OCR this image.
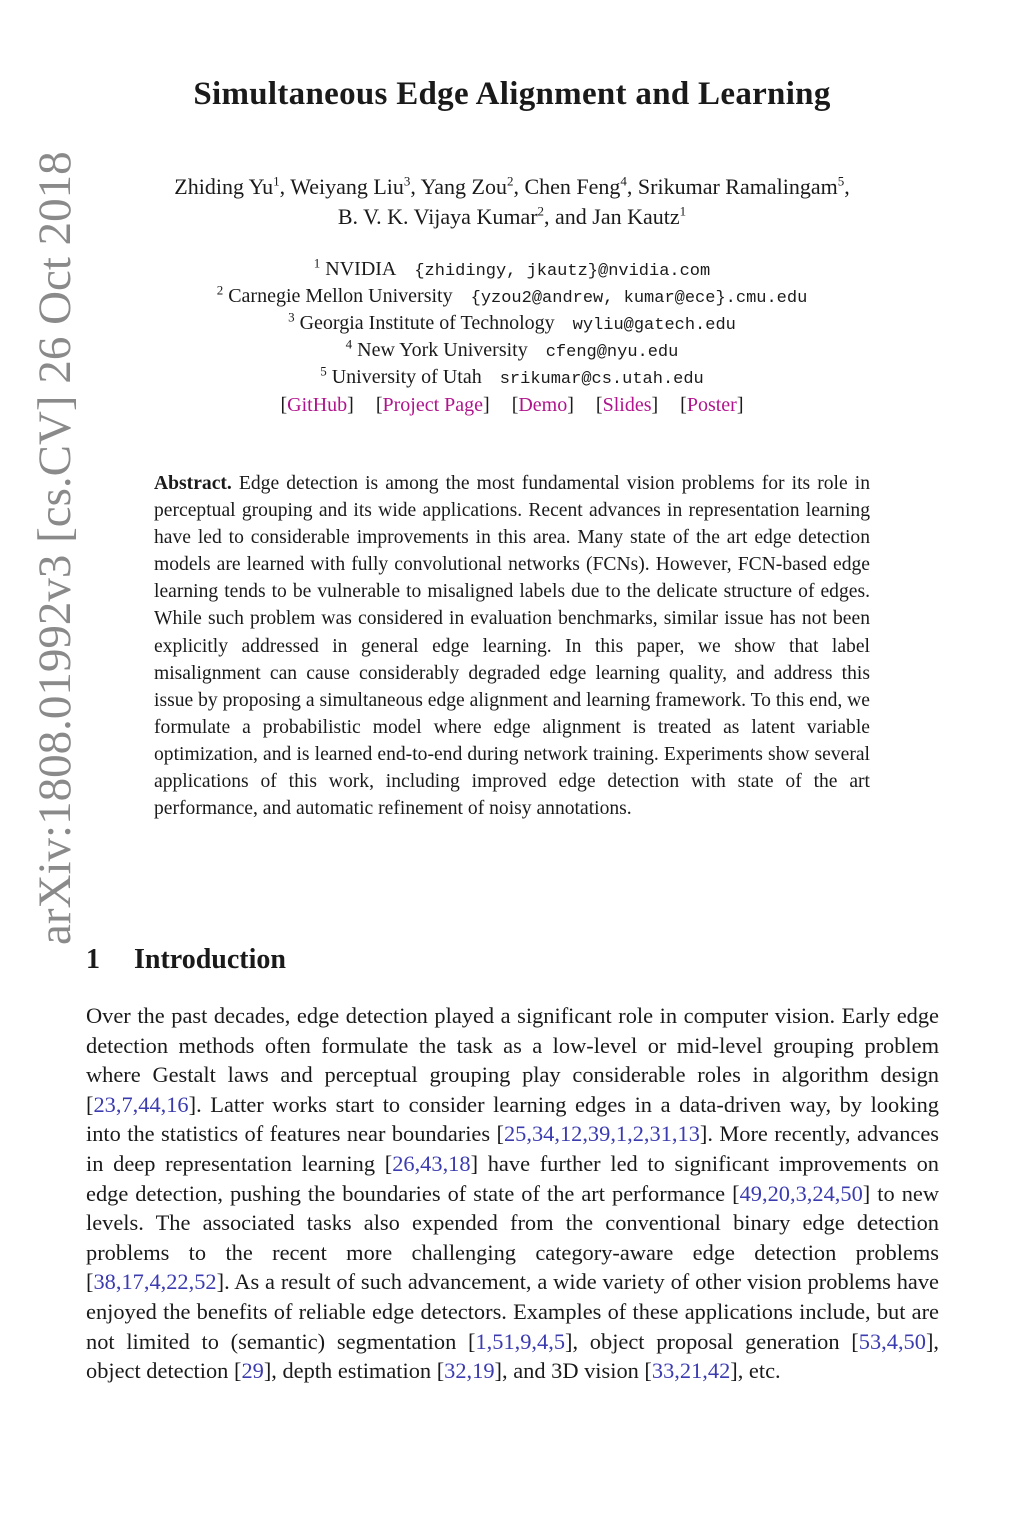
arXiv:1808.01992v3 [cs.CV] 26 Oct 2018
Simultaneous Edge Alignment and Learning
Zhiding Yu$^1$, Weiyang Liu$^3$, Yang Zou$^2$, Chen Feng$^4$, Srikumar Ramalingam$^5$,
B. V. K. Vijaya Kumar$^2$, and Jan Kautz$^1$
$^1$ NVIDIA {zhidingy, jkautz}@nvidia.com
$^2$ Carnegie Mellon University {yzou2@andrew, kumar@ece}.cmu.edu
$^3$ Georgia Institute of Technology wyliu@gatech.edu
$^4$ New York University cfeng@nyu.edu
$^5$ University of Utah srikumar@cs.utah.edu
[GitHub] [Project Page] [Demo] [Slides] [Poster]
Abstract. Edge detection is among the most fundamental vision problems for its role in perceptual grouping and its wide applications. Recent advances in representation learning have led to considerable improvements in this area. Many state of the art edge detection models are learned with fully convolutional networks (FCNs). However, FCN-based edge learning tends to be vulnerable to misaligned labels due to the delicate structure of edges. While such problem was considered in evaluation benchmarks, similar issue has not been explicitly addressed in general edge learning. In this paper, we show that label misalignment can cause considerably degraded edge learning quality, and address this issue by proposing a simultaneous edge alignment and learning framework. To this end, we formulate a probabilistic model where edge alignment is treated as latent variable optimization, and is learned end-to-end during network training. Experiments show several applications of this work, including improved edge detection with state of the art performance, and automatic refinement of noisy annotations.
1 Introduction
Over the past decades, edge detection played a significant role in computer vision. Early edge detection methods often formulate the task as a low-level or mid-level grouping problem where Gestalt laws and perceptual grouping play considerable roles in algorithm design [23,7,44,16]. Latter works start to consider learning edges in a data-driven way, by looking into the statistics of features near boundaries [25,34,12,39,1,2,31,13]. More recently, advances in deep representation learning [26,43,18] have further led to significant improvements on edge detection, pushing the boundaries of state of the art performance [49,20,3,24,50] to new levels. The associated tasks also expended from the conventional binary edge detection problems to the recent more challenging category-aware edge detection problems [38,17,4,22,52]. As a result of such advancement, a wide variety of other vision problems have enjoyed the benefits of reliable edge detectors. Examples of these applications include, but are not limited to (semantic) segmentation [1,51,9,4,5], object proposal generation [53,4,50], object detection [29], depth estimation [32,19], and 3D vision [33,21,42], etc.
